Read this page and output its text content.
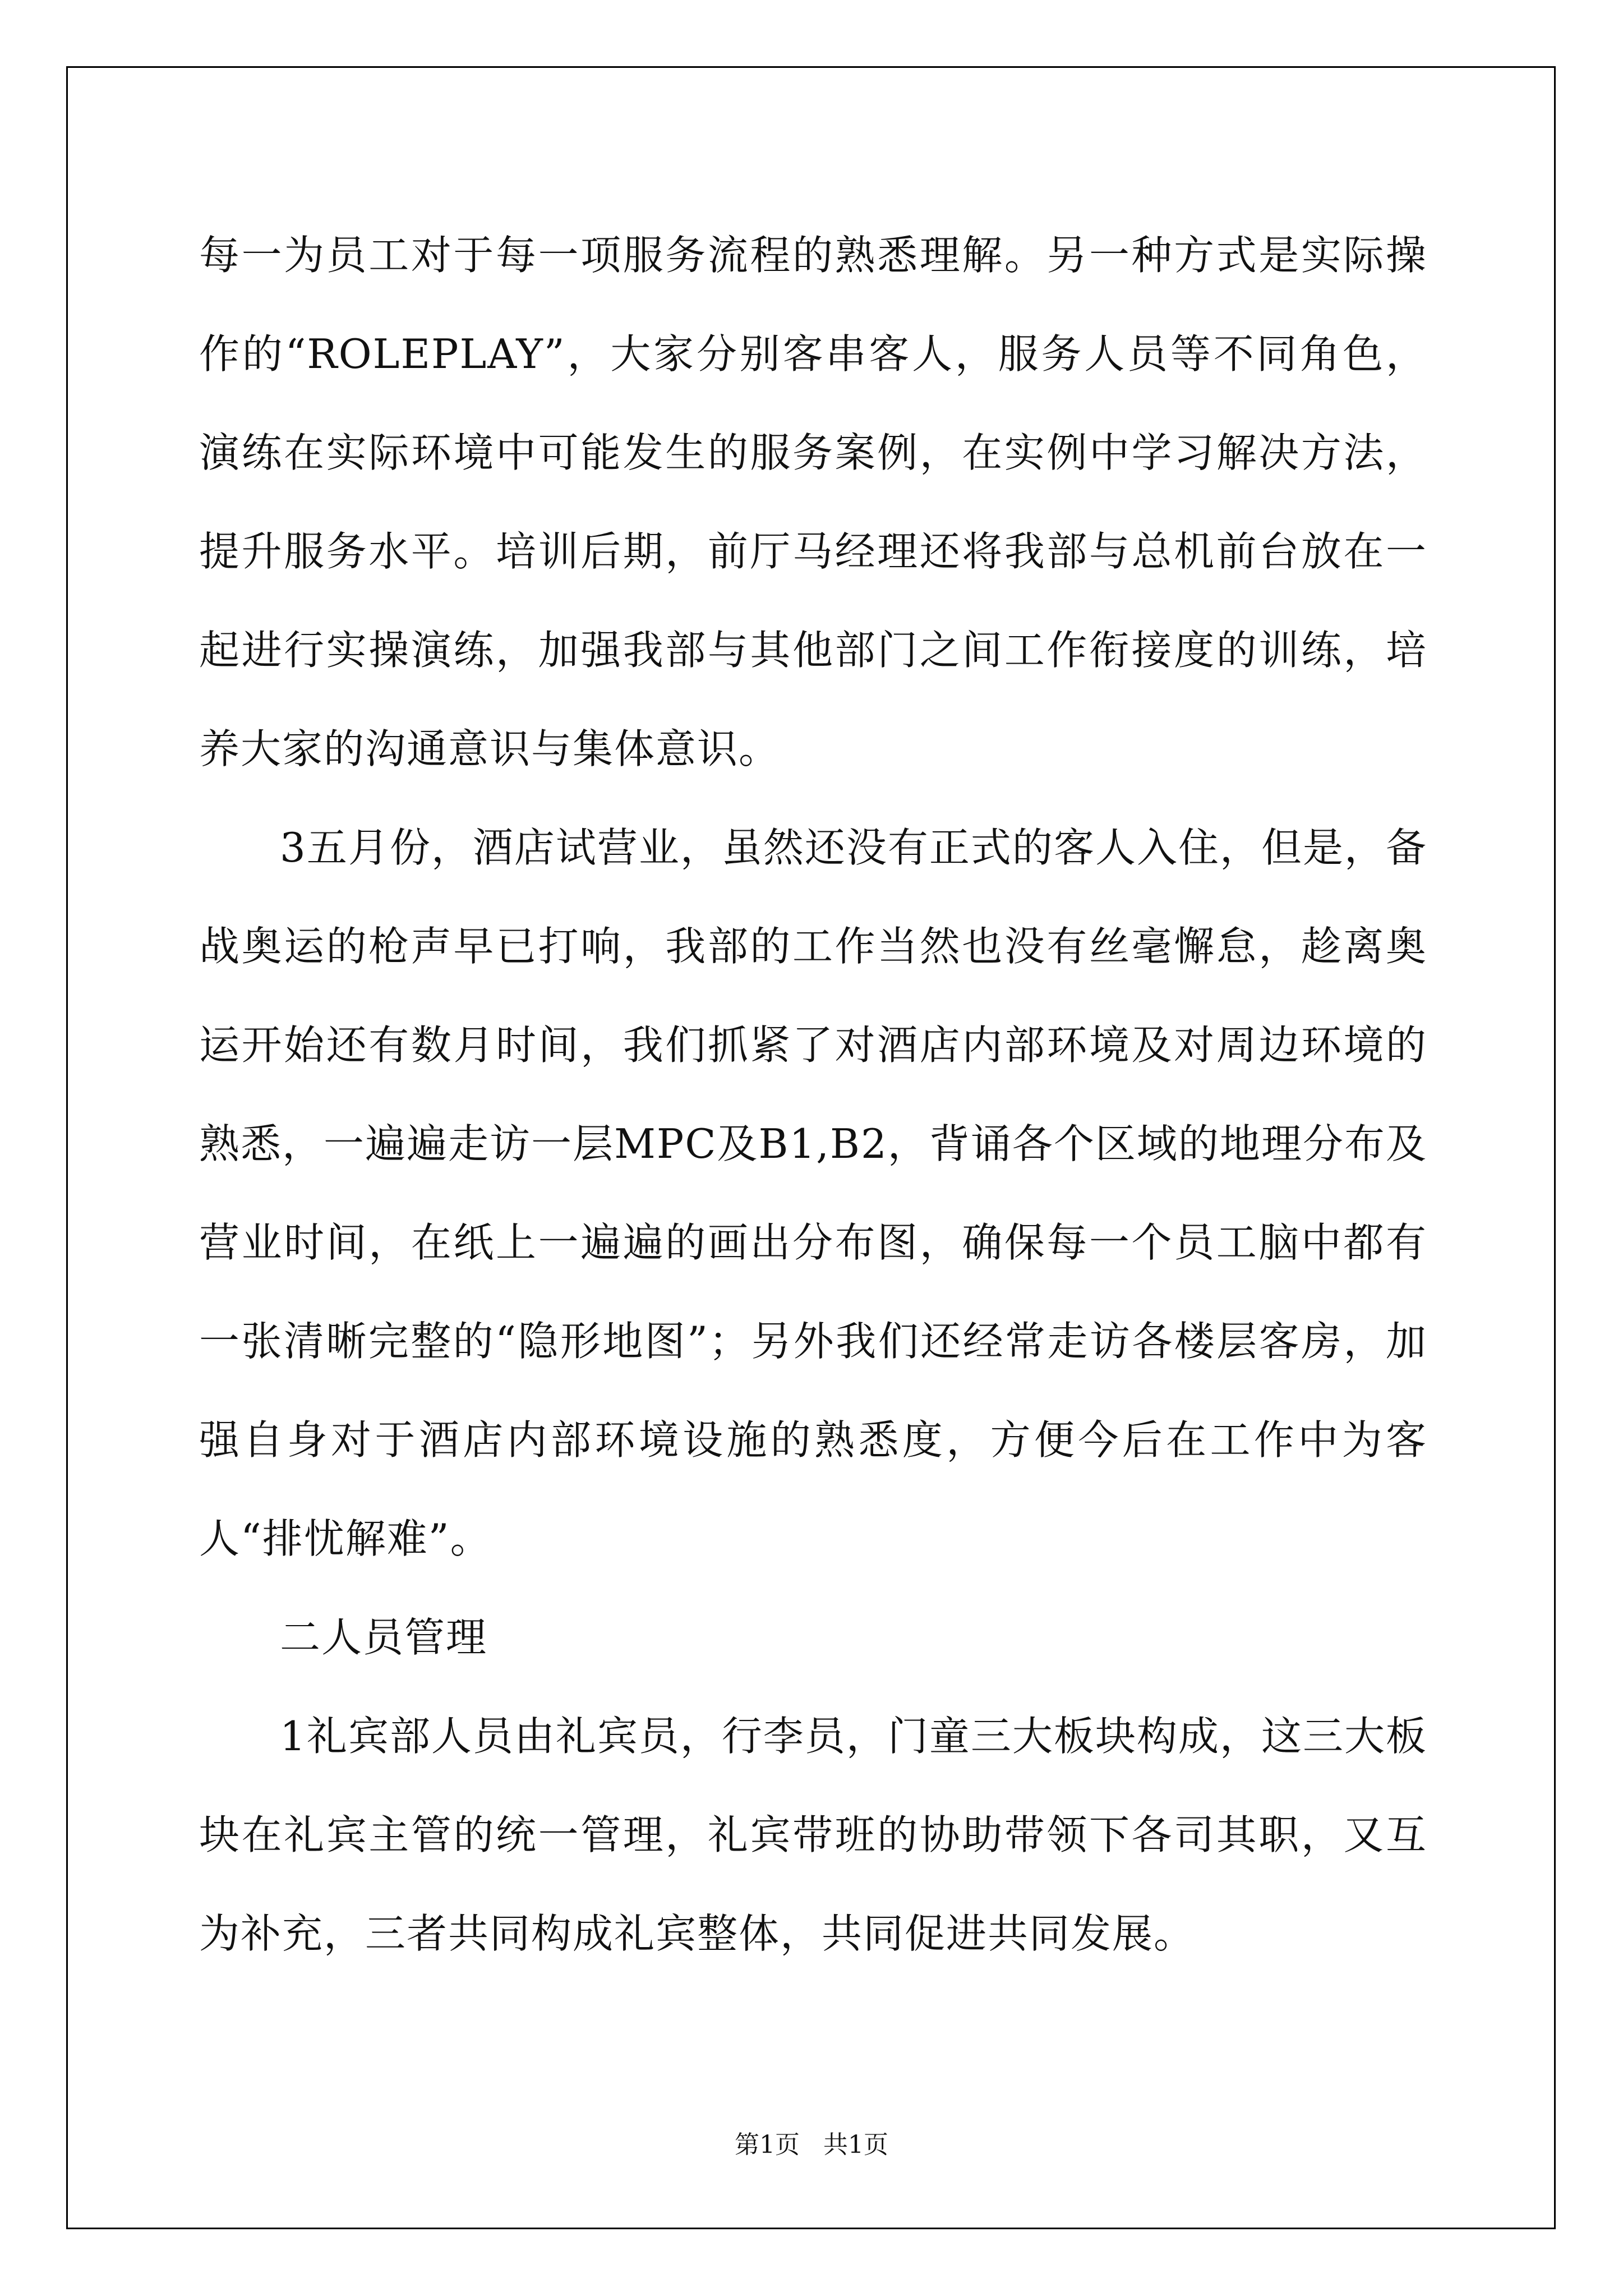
每一为员工对于每一项服务流程的熟悉理解。另一种方式是实际操作的“ROLEPLAY”，大家分别客串客人，服务人员等不同角色，演练在实际环境中可能发生的服务案例，在实例中学习解决方法，提升服务水平。培训后期，前厅马经理还将我部与总机前台放在一起进行实操演练，加强我部与其他部门之间工作衔接度的训练，培养大家的沟通意识与集体意识。

3五月份，酒店试营业，虽然还没有正式的客人入住，但是，备战奥运的枪声早已打响，我部的工作当然也没有丝毫懈怠，趁离奥运开始还有数月时间，我们抓紧了对酒店内部环境及对周边环境的熟悉，一遍遍走访一层MPC及B1,B2，背诵各个区域的地理分布及营业时间，在纸上一遍遍的画出分布图，确保每一个员工脑中都有一张清晰完整的“隐形地图”；另外我们还经常走访各楼层客房，加强自身对于酒店内部环境设施的熟悉度，方便今后在工作中为客人“排忧解难”。

二人员管理

1礼宾部人员由礼宾员，行李员，门童三大板块构成，这三大板块在礼宾主管的统一管理，礼宾带班的协助带领下各司其职，又互为补充，三者共同构成礼宾整体，共同促进共同发展。

第1页   共1页
